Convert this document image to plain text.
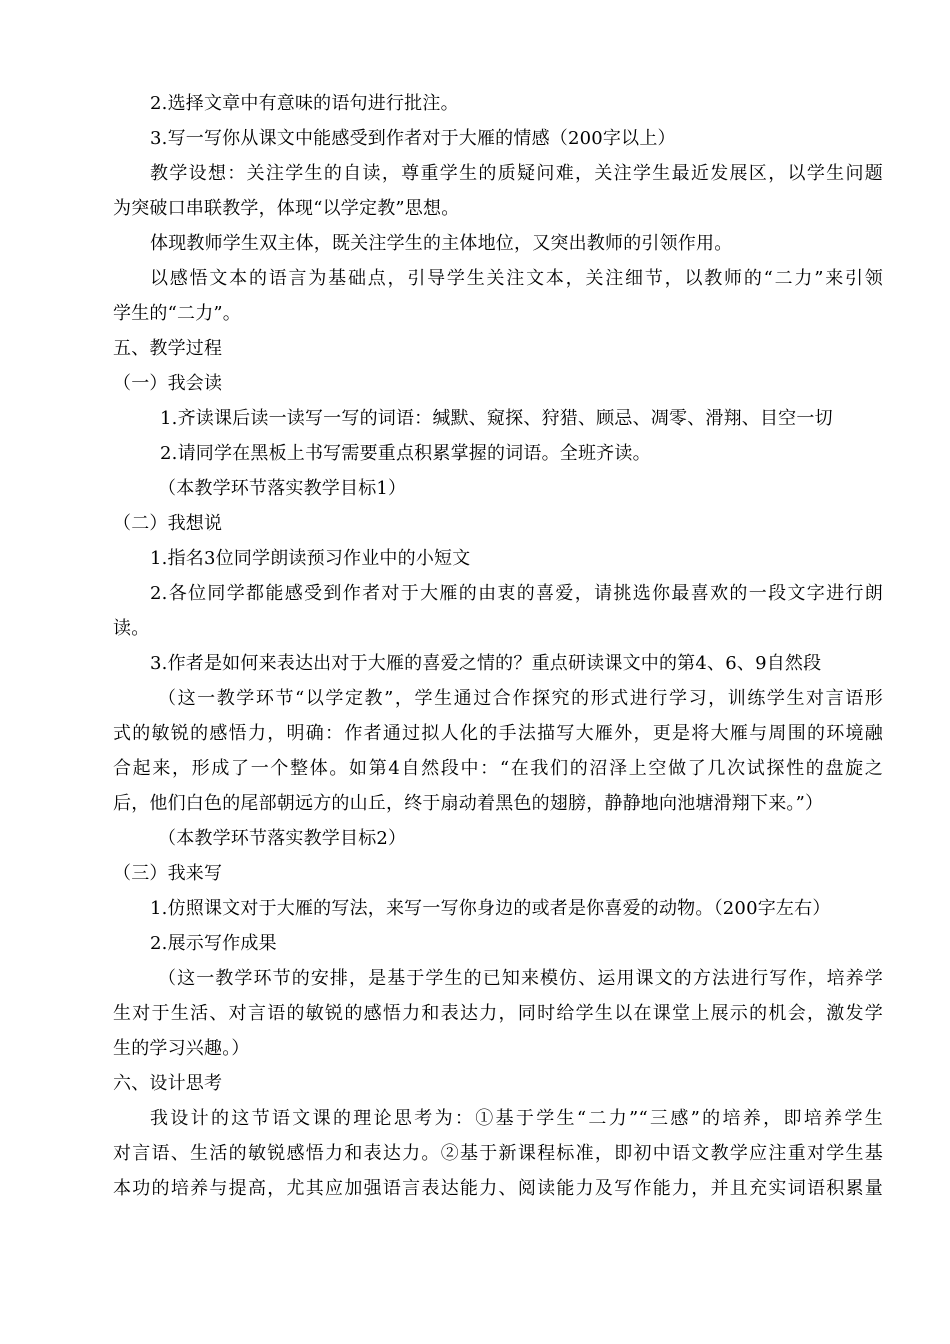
2.选择文章中有意味的语句进行批注。
3.写一写你从课文中能感受到作者对于大雁的情感（200字以上）
教学设想：关注学生的自读，尊重学生的质疑问难，关注学生最近发展区，以学生问题
为突破口串联教学，体现“以学定教”思想。
体现教师学生双主体，既关注学生的主体地位，又突出教师的引领作用。
以感悟文本的语言为基础点，引导学生关注文本，关注细节，以教师的“二力”来引领
学生的“二力”。
五、教学过程
（一）我会读
1.齐读课后读一读写一写的词语：缄默、窥探、狩猎、顾忌、凋零、滑翔、目空一切
2.请同学在黑板上书写需要重点积累掌握的词语。全班齐读。
（本教学环节落实教学目标1）
（二）我想说
1.指名3位同学朗读预习作业中的小短文
2.各位同学都能感受到作者对于大雁的由衷的喜爱，请挑选你最喜欢的一段文字进行朗
读。
3.作者是如何来表达出对于大雁的喜爱之情的？重点研读课文中的第4、6、9自然段
（这一教学环节“以学定教”，学生通过合作探究的形式进行学习，训练学生对言语形
式的敏锐的感悟力，明确：作者通过拟人化的手法描写大雁外，更是将大雁与周围的环境融
合起来，形成了一个整体。如第4自然段中：“在我们的沼泽上空做了几次试探性的盘旋之
后，他们白色的尾部朝远方的山丘，终于扇动着黑色的翅膀，静静地向池塘滑翔下来。”）
（本教学环节落实教学目标2）
（三）我来写
1.仿照课文对于大雁的写法，来写一写你身边的或者是你喜爱的动物。（200字左右）
2.展示写作成果
（这一教学环节的安排，是基于学生的已知来模仿、运用课文的方法进行写作，培养学
生对于生活、对言语的敏锐的感悟力和表达力，同时给学生以在课堂上展示的机会，激发学
生的学习兴趣。）
六、设计思考
我设计的这节语文课的理论思考为：①基于学生“二力”“三感”的培养，即培养学生
对言语、生活的敏锐感悟力和表达力。②基于新课程标准，即初中语文教学应注重对学生基
本功的培养与提高，尤其应加强语言表达能力、阅读能力及写作能力，并且充实词语积累量
